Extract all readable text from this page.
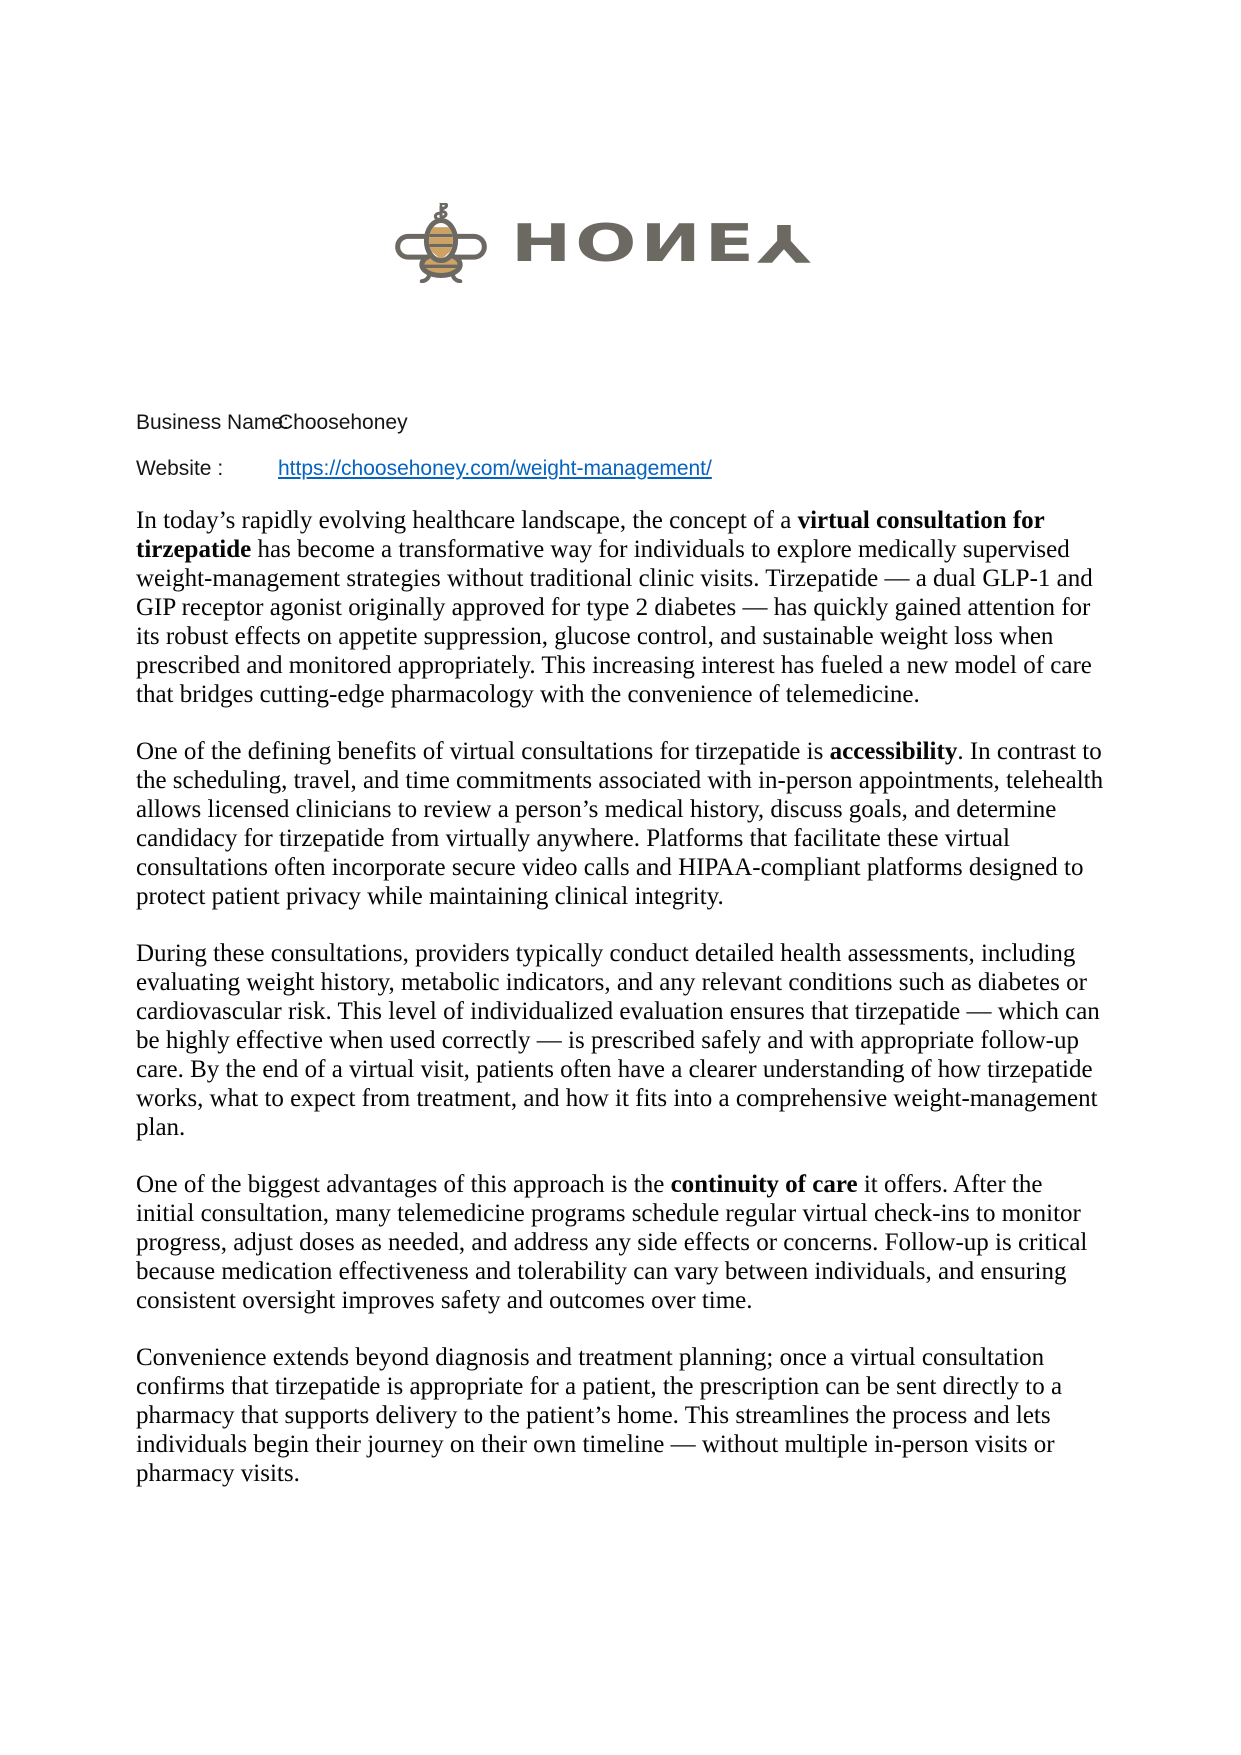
H O И E Y
Business Name:
Choosehoney
Website :	https://choosehoney.com/weight-management/

In today’s rapidly evolving healthcare landscape, the concept of a virtual consultation for tirzepatide has become a transformative way for individuals to explore medically supervised weight-management strategies without traditional clinic visits. Tirzepatide — a dual GLP-1 and GIP receptor agonist originally approved for type 2 diabetes — has quickly gained attention for its robust effects on appetite suppression, glucose control, and sustainable weight loss when prescribed and monitored appropriately. This increasing interest has fueled a new model of care that bridges cutting-edge pharmacology with the convenience of telemedicine.

One of the defining benefits of virtual consultations for tirzepatide is accessibility. In contrast to the scheduling, travel, and time commitments associated with in-person appointments, telehealth allows licensed clinicians to review a person’s medical history, discuss goals, and determine candidacy for tirzepatide from virtually anywhere. Platforms that facilitate these virtual consultations often incorporate secure video calls and HIPAA-compliant platforms designed to protect patient privacy while maintaining clinical integrity.

During these consultations, providers typically conduct detailed health assessments, including evaluating weight history, metabolic indicators, and any relevant conditions such as diabetes or cardiovascular risk. This level of individualized evaluation ensures that tirzepatide — which can be highly effective when used correctly — is prescribed safely and with appropriate follow-up care. By the end of a virtual visit, patients often have a clearer understanding of how tirzepatide works, what to expect from treatment, and how it fits into a comprehensive weight-management plan.

One of the biggest advantages of this approach is the continuity of care it offers. After the initial consultation, many telemedicine programs schedule regular virtual check-ins to monitor progress, adjust doses as needed, and address any side effects or concerns. Follow-up is critical because medication effectiveness and tolerability can vary between individuals, and ensuring consistent oversight improves safety and outcomes over time.

Convenience extends beyond diagnosis and treatment planning; once a virtual consultation confirms that tirzepatide is appropriate for a patient, the prescription can be sent directly to a pharmacy that supports delivery to the patient’s home. This streamlines the process and lets individuals begin their journey on their own timeline — without multiple in-person visits or pharmacy visits.
